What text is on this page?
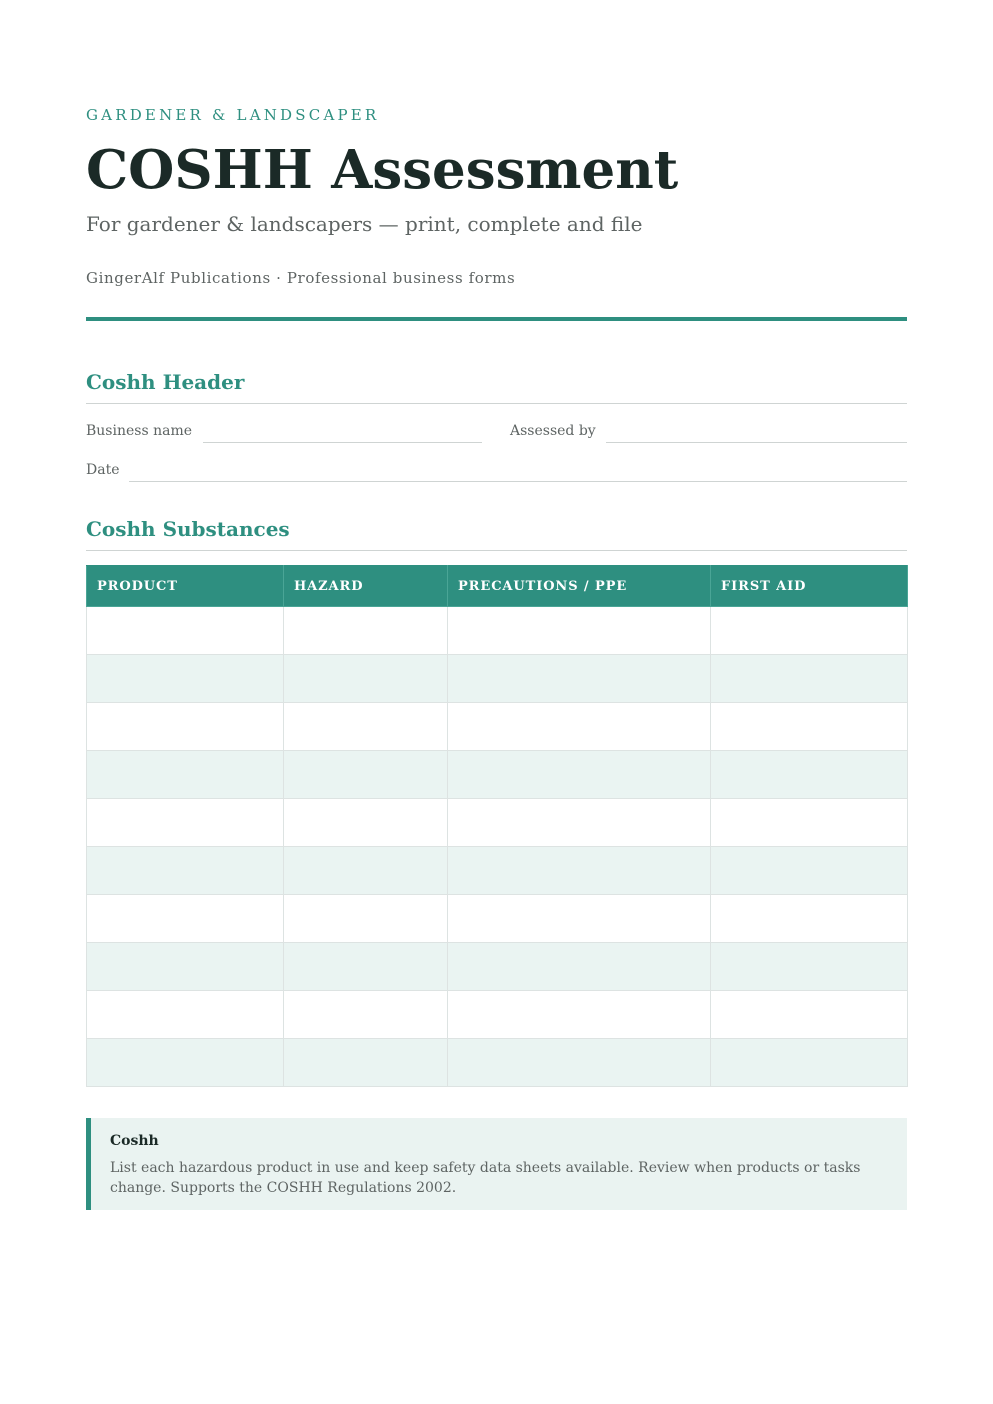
GARDENER & LANDSCAPER
COSHH Assessment
For gardener & landscapers — print, complete and file
GingerAlf Publications · Professional business forms
Coshh Header
Business name	Assessed by
Date
Coshh Substances
PRODUCT	HAZARD	PRECAUTIONS / PPE	FIRST AID

Coshh
List each hazardous product in use and keep safety data sheets available. Review when products or tasks change. Supports the COSHH Regulations 2002.
